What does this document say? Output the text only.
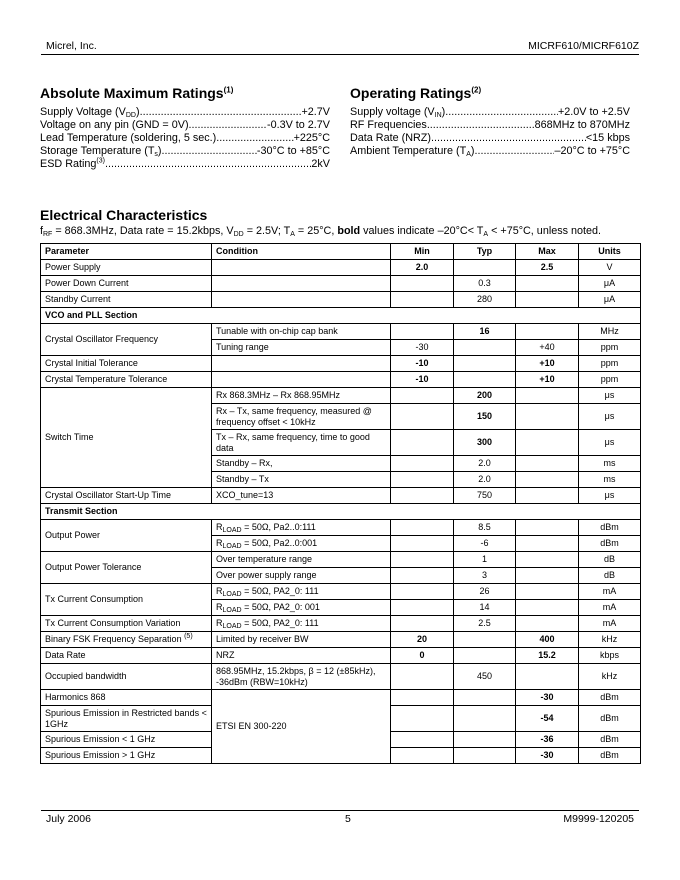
Micrel, Inc.	MICRF610/MICRF610Z
Absolute Maximum Ratings$^{(1)}$
Supply Voltage $(V_{DD})$ .....	+2.7V
Voltage on any pin (GND = 0V). .....	-0.3V to 2.7V
Lead Temperature (soldering, 5 sec.) .....	+225°C
Storage Temperature $(T_s)$ .....	-30°C to +85°C
ESD Rating$^{(3)}$ .....	2kV
Operating Ratings$^{(2)}$
Supply voltage $(V_{IN})$ .....	+2.0V to +2.5V
RF Frequencies .....	868MHz to 870MHz
Data Rate (NRZ) .....	<15 kbps
Ambient Temperature $(T_A)$ .....	–20°C to +75°C
Electrical Characteristics
$f_{RF} = 868.3MHz$, Data rate = 15.2kbps, $V_{DD} = 2.5V$; $T_A = 25^\circ C$, bold values indicate $-20^\circ C< T_A < +75^\circ C$, unless noted.
Parameter	Condition	Min	Typ	Max	Units
Power Supply		2.0		2.5	V
Power Down Current			0.3		μA
Standby Current			280		μA
VCO and PLL Section					
Crystal Oscillator Frequency	Tunable with on-chip cap bank		16		MHz
	Tuning range	-30		+40	ppm
Crystal Initial Tolerance		-10		+10	ppm
Crystal Temperature Tolerance		-10		+10	ppm
Switch Time	Rx 868.3MHz – Rx 868.95MHz		200		μs
	Rx – Tx, same frequency, measured @ frequency offset < 10kHz		150		μs
	Tx – Rx, same frequency, time to good data		300		μs
	Standby – Rx,		2.0		ms
	Standby – Tx		2.0		ms
Crystal Oscillator Start-Up Time	XCO_tune=13		750		μs
Transmit Section					
Output Power	$R_{LOAD} = 50\Omega$, Pa2..0:111		8.5		dBm
	$R_{LOAD} = 50\Omega$, Pa2..0:001		-6		dBm
Output Power Tolerance	Over temperature range		1		dB
	Over power supply range		3		dB
Tx Current Consumption	$R_{LOAD} = 50\Omega$, PA2_0: 111		26		mA
	$R_{LOAD} = 50\Omega$, PA2_0: 001		14		mA
Tx Current Consumption Variation	$R_{LOAD} = 50\Omega$, PA2_0: 111		2.5		mA
Binary FSK Frequency Separation $^{(5)}$	Limited by receiver BW	20		400	kHz
Data Rate	NRZ	0		15.2	kbps
Occupied bandwidth	868.95MHz, 15.2kbps, β = 12 (±85kHz), -36dBm (RBW=10kHz)		450		kHz
Harmonics 868	ETSI EN 300-220			-30	dBm
Spurious Emission in Restricted bands < 1GHz				-54	dBm
Spurious Emission < 1 GHz				-36	dBm
Spurious Emission > 1 GHz				-30	dBm
July 2006	5	M9999-120205
